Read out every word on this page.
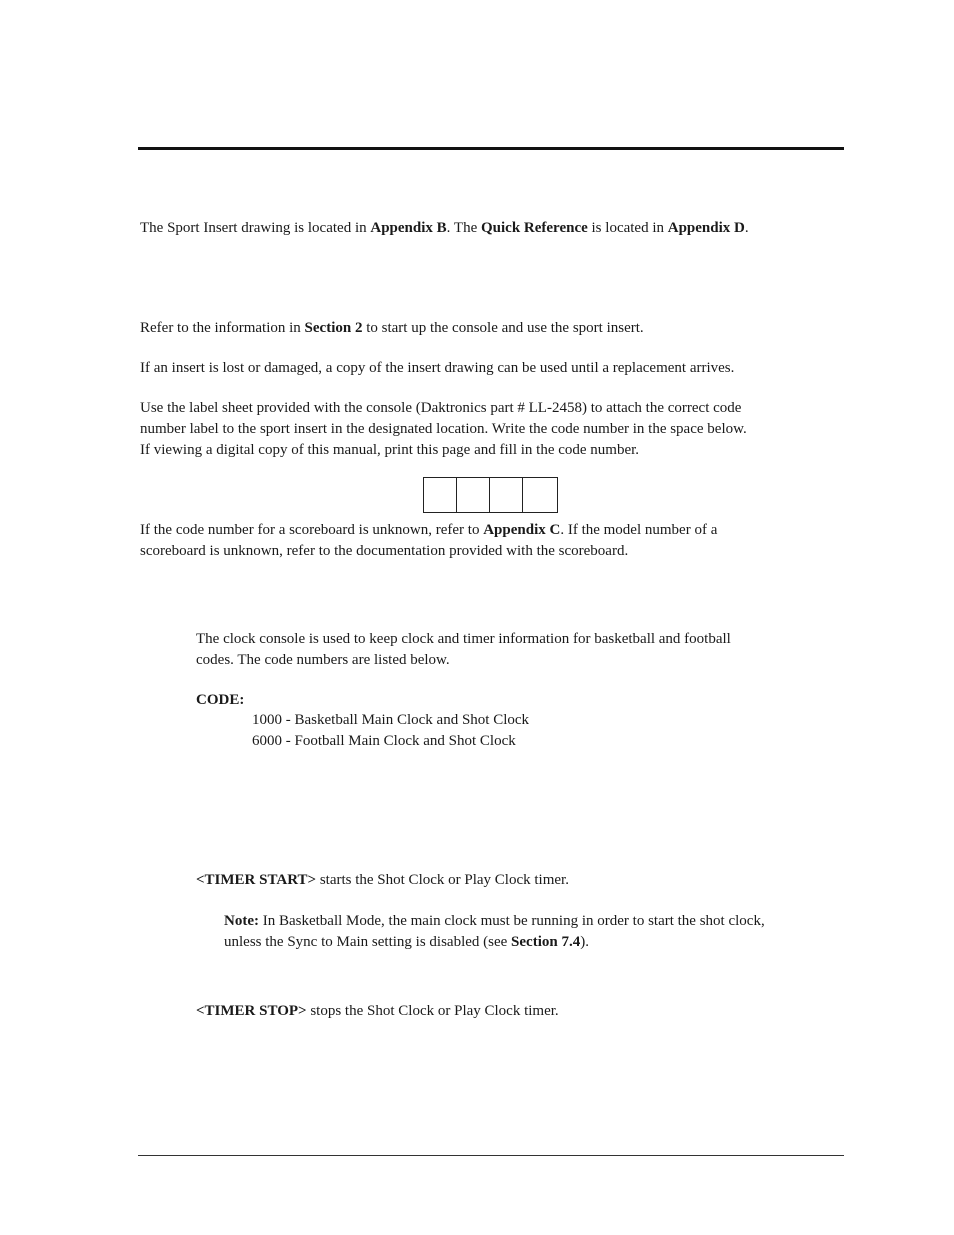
The Sport Insert drawing is located in Appendix B. The Quick Reference is located in Appendix D.

Refer to the information in Section 2 to start up the console and use the sport insert.

If an insert is lost or damaged, a copy of the insert drawing can be used until a replacement arrives.

Use the label sheet provided with the console (Daktronics part # LL-2458) to attach the correct code
number label to the sport insert in the designated location. Write the code number in the space below.
If viewing a digital copy of this manual, print this page and fill in the code number.

If the code number for a scoreboard is unknown, refer to Appendix C. If the model number of a
scoreboard is unknown, refer to the documentation provided with the scoreboard.

The clock console is used to keep clock and timer information for basketball and football
codes. The code numbers are listed below.

CODE:

1000 - Basketball Main Clock and Shot Clock

6000 - Football Main Clock and Shot Clock

<TIMER START> starts the Shot Clock or Play Clock timer.

Note: In Basketball Mode, the main clock must be running in order to start the shot clock,
unless the Sync to Main setting is disabled (see Section 7.4).

<TIMER STOP> stops the Shot Clock or Play Clock timer.
